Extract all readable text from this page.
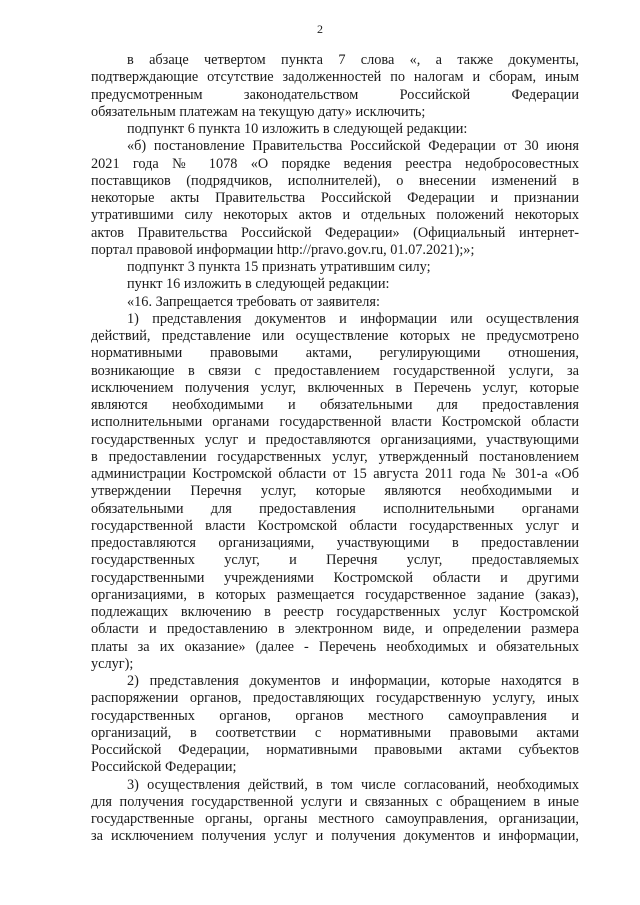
2
в абзаце четвертом пункта 7 слова «, а также документы,
подтверждающие отсутствие задолженностей по налогам и сборам, иным
предусмотренным законодательством Российской Федерации
обязательным платежам на текущую дату» исключить;
подпункт 6 пункта 10 изложить в следующей редакции:
«б) постановление Правительства Российской Федерации от 30 июня
2021 года № 1078 «О порядке ведения реестра недобросовестных
поставщиков (подрядчиков, исполнителей), о внесении изменений в
некоторые акты Правительства Российской Федерации и признании
утратившими силу некоторых актов и отдельных положений некоторых
актов Правительства Российской Федерации» (Официальный интернет-
портал правовой информации http://pravo.gov.ru, 01.07.2021);»;
подпункт 3 пункта 15 признать утратившим силу;
пункт 16 изложить в следующей редакции:
«16. Запрещается требовать от заявителя:
1) представления документов и информации или осуществления
действий, представление или осуществление которых не предусмотрено
нормативными правовыми актами, регулирующими отношения,
возникающие в связи с предоставлением государственной услуги, за
исключением получения услуг, включенных в Перечень услуг, которые
являются необходимыми и обязательными для предоставления
исполнительными органами государственной власти Костромской области
государственных услуг и предоставляются организациями, участвующими
в предоставлении государственных услуг, утвержденный постановлением
администрации Костромской области от 15 августа 2011 года № 301-а «Об
утверждении Перечня услуг, которые являются необходимыми и
обязательными для предоставления исполнительными органами
государственной власти Костромской области государственных услуг и
предоставляются организациями, участвующими в предоставлении
государственных услуг, и Перечня услуг, предоставляемых
государственными учреждениями Костромской области и другими
организациями, в которых размещается государственное задание (заказ),
подлежащих включению в реестр государственных услуг Костромской
области и предоставлению в электронном виде, и определении размера
платы за их оказание» (далее - Перечень необходимых и обязательных
услуг);
2) представления документов и информации, которые находятся в
распоряжении органов, предоставляющих государственную услугу, иных
государственных органов, органов местного самоуправления и
организаций, в соответствии с нормативными правовыми актами
Российской Федерации, нормативными правовыми актами субъектов
Российской Федерации;
3) осуществления действий, в том числе согласований, необходимых
для получения государственной услуги и связанных с обращением в иные
государственные органы, органы местного самоуправления, организации,
за исключением получения услуг и получения документов и информации,
